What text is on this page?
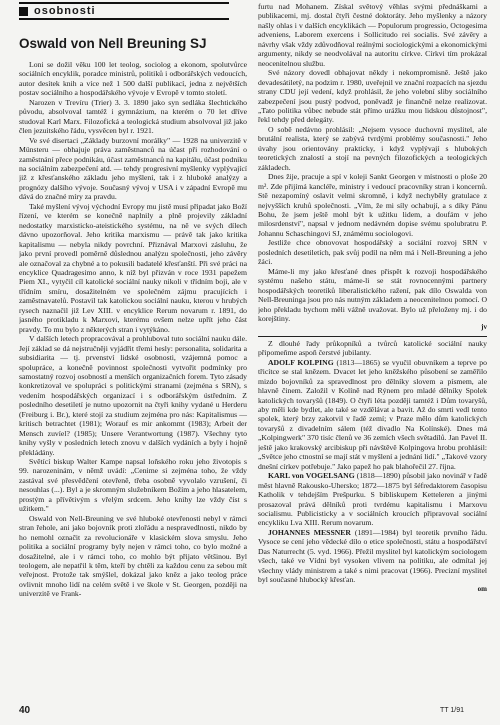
osobnosti
Oswald von Nell Breuning SJ

Loni se dožil věku 100 let teolog, sociolog a ekonom, spolutvůrce sociálních encyklik, poradce ministrů, politiků i odborářských vedoucích, autor desítek knih a více než 1 500 další publikací, jedna z největších postav sociálního a hospodářského vývoje v Evropě v tomto století.

Narozen v Trevíru (Trier) 3. 3. 1890 jako syn sedláka šlechtického původu, absolvoval tamtéž i gymnázium, na kterém o 70 let dříve studoval Karl Marx. Filozofická a teologická studium absolvoval již jako člen jezuitského řádu, vysvěcen byl r. 1921.

Ve své disertaci „Základy burzovní morálky" — 1928 na univerzitě v Münsteru — obhajuje práva zaměstnanců na účast při rozhodování o zaměstnání přece podnikáu, účast zaměstnanců na kapitálu, účast podniku na sociálním zabezpečení atd. — tehdy progresivní myšlenky vyplývající již z křesťanského základu jeho myšlení, tak i z hluboké analýzy a prognózy dalšího vývoje. Současný vývoj v USA i v západní Evropě mu dává do značné míry za pravdu.

Také myšlení vývoj východní Evropy mu jistě musí připadat jako Boží řízení, ve kterém se konečně naplnily a plně projevily základní nedostatky marxisticko-ateistického systému, na ně ve svých dílech dávno upozorňoval. Jeho kritika marxismu — právě tak jako kritika kapitalismu — nebyla nikdy povrchní. Přiznával Marxovi zásluhu, že jako první provedl poměrně důslednou analýzu společnosti, jeho závěry ale označoval za chybné a to pokusili badatelé křesťanští. Při své práci na encyklice Quadragesimo anno, k níž byl přizván v roce 1931 papežem Piem XI., vytyčil cíl katolické sociální nauky nikoli v třídním boji, ale v třídním smíru, dosažitelném ve společném zájmu pracujících i zaměstnavatelů. Postavil tak katolickou sociální nauku, kterou v hrubých rysech naznačil již Lev XIII. v encyklice Rerum novarum r. 1891, do jasného protikladu k Marxovi, kterému ovšem nelze upřít jeho část pravdy. To mu bylo z některých stran i vytýkáno.

V dalších letech propracovával a prohluboval tuto sociální nauku dále. Její základ se dá nejstručněji vyjádřit třemi hesly: personalita, solidarita a subsidiarita — tj. prvenství lidské osobnosti, vzájemná pomoc a spolupráce, a konečně povinnost společnosti vytvořit podmínky pro samostatný rozvoj osobností a menších organizačních forem. Tyto zásady konkretizoval ve spolupráci s politickými stranami (zejména s SRN), s vedením hospodářských organizací i s odborářským ústředním. Z posledního desetiletí je nutno upozornit na čtyři knihy vydané u Herderu (Freiburg i. Br.), které stojí za studium zejména pro nás: Kapitalismus — kritisch betrachtet (1981); Worauf es mir ankommt (1983); Arbeit der Mensch zuvíel? (1985); Unsere Verantwortung (1987). Všechny tyto knihy vyšly v posledních letech znovu v dalších vydáních a byly i hojně překládány.

Světící biskup Walter Kampe napsal loňského roku jeho životopis s 99. narozeninám, v němž uvádí: „Cenime si zejména toho, že vždy zastával své přesvědčení otevřeně, třeba osobně vyvolalo vzrušení, či nesouhlas (...). Byl a je skromným služebníkem Božím a jeho hlasatelem, prostým a přívětivým s vřelým srdcem. Jeho knihy lze vždy číst s užitkem."

Oswald von Nell-Breuning ve své hluboké otevřenosti nebyl v rámci stran řehole, ani jako bojovník proti zlořádu a nespravedlnosti, nikdo by ho nemohl označit za revolucionáře v klasickém slova smyslu. Jeho politika a sociální programy byly nejen v rámci toho, co bylo možné a dosažitelné, ale i v rámci toho, co mohlo být přijato většinou. Byl teologem, ale nepatřil k těm, kteří by chtěli za každou cenu za sebou mít veřejnost. Protože tak smýšlel, dokázal jako kněz a jako teolog práce ovlivnit mnoho lidí na celém světě i ve škole v St. Georgen, později na univerzitě ve Frank-

furtu nad Mohanem. Získal světový věhlas svými přednáškami a publikacemi, mj. dostal čtyři čestné doktoráty. Jeho myšlenky a názory našly ohlas i v dalších encyklikách — Populorum progressio, Octogesima adveniens, Laborem exercens i Sollicitudo rei socialis. Své závěry a návrhy však vždy zdůvodňoval reálnými sociologickými a ekonomickými argumenty, nikdy se neodvolával na autoritu církve. Církvi tím prokázal neocenitelnou službu.

Své názory dovedl obhajovat někdy i nekompromisně. Ještě jako devadesátiletý, na podzim r. 1980, uveřejnil ve znační rozpacích na sjezdu strany CDU její vedení, když prohlásil, že jeho volební sliby sociálního zabezpečení jsou pustý podvod, poněvadž je finančně nelze realizovat. „Tato politika vůbec nebude stát přímo urážku mou lidskou důstojnost", řekl tehdy před delegáty.

O sobě nedávno prohlásil: „Nejsem vysoce duchovní myslitel, ale brutální realista, který se zabývá tvrdými problémy současnosti." Jeho úvahy jsou orientovány prakticky, i když vyplývají s hlubokých teoretických znalostí a stojí na pevných filozofických a teologických základech.

Dnes žije, pracuje a spí v koleji Sankt Georgen v místnosti o ploše 20 m². Zde přijímá kancléře, ministry i vedoucí pracovníky stran i koncernů. Stě nezapomíný oslavit velmi skromně, i když nechyběly gratulace z nejvyšších kruhů společnosti. „Vím, že mi síly ochabují, a s díky Pánu Bohu, že jsem ještě mohl být k užitku lidem, a doufám v jeho milosrdenství", napsal v jednom nedávném dopise svému spolubratru P. Johannu Schaschingovi SJ, známému sociologovi.

Jestliže chce obnovovat hospodářský a sociální rozvoj SRN v posledních desetiletích, pak svůj podíl na něm má i Nell-Breuning a jeho žáci.

Máme-li my jako křesťané dnes přispět k rozvoji hospodářského systému našeho státu, máme-li se stát rovnocennými partnery hospodářských teoretiků liberalistického ražení, pak dílo Oswalda von Nell-Breuninga jsou pro nás nutným základem a neocenitelnou pomocí. O jeho překladu bychom měli vážně uvažovat. Bylo už přeloženy mj. i do korejštiny.

jv

Z dlouhé řady průkopníků a tvůrců katolické sociální nauky připomeňme aspoň čerstvé jubilanty.

ADOLF KOLPING (1813—1865) se vyučil obuvníkem a teprve po třicítce se stal knězem. Dvacet let jeho kněžského působení se zaměřilo mizdo bojovníků za spravedlnost pro dělníky slovem a písmem, ale hlavně činem. Založil v Kolíně nad Rýnem pro mladé dělníky Spolek katolických tovaryšů (1849). O čtyři léta později tamtéž i Dům tovaryšů, aby měli kde bydlet, ale také se vzdělávat a bavit. Až do smrti vedl tento spolek, který brzy zakotvil v řadě zemí; v Praze mělo dům katolických tovaryšů z divadelním sálem (též divadlo Na Kolínské). Dnes má „Kolpingwerk" 370 tisíc členů ve 36 zemích všech světadílů. Jan Pavel II. ještě jako krakovský arcibiskup při návštěvě Kolpingova hrobu prohlásil: „Světce jeho ctnostní se mají stát v myšlení a jednání lidí." „Takové vzory dnešní církev potřebuje." Jako papež ho pak blahořečil 27. října.

KARL von VOGELSANG (1818—1890) působil jako novinář v řadě měst hlavně Rakousko-Uhersko; 1872—1875 byl šéfredaktorem časopisu Katholik v tehdejším Prešpurku. S bibliskupem Ketteleren a jinými prosazoval prává dělníků proti tvrdému kapitalismu i Marxovu socialismu. Publicisticky a v sociálních kroucích připravoval sociální encykliku Lva XIII. Rerum novarum.

JOHANNES MESSNER (1891—1984) byl teoretik prvního řádu. Vysoce se cení jeho vědecké dílo o etice společnosti, státu a hospodářství Das Naturrecht (5. vyd. 1966). Přežil myslitel byl katolickým sociologem všech, také ve Vídni byl vysoken vlivem na politiku, ale odmítal jej všechny vlády ministrem a také s nimi pracovat (1966). Precizní myslitel byl současné hlubocký křesťan.

om
40	TT 1/91
